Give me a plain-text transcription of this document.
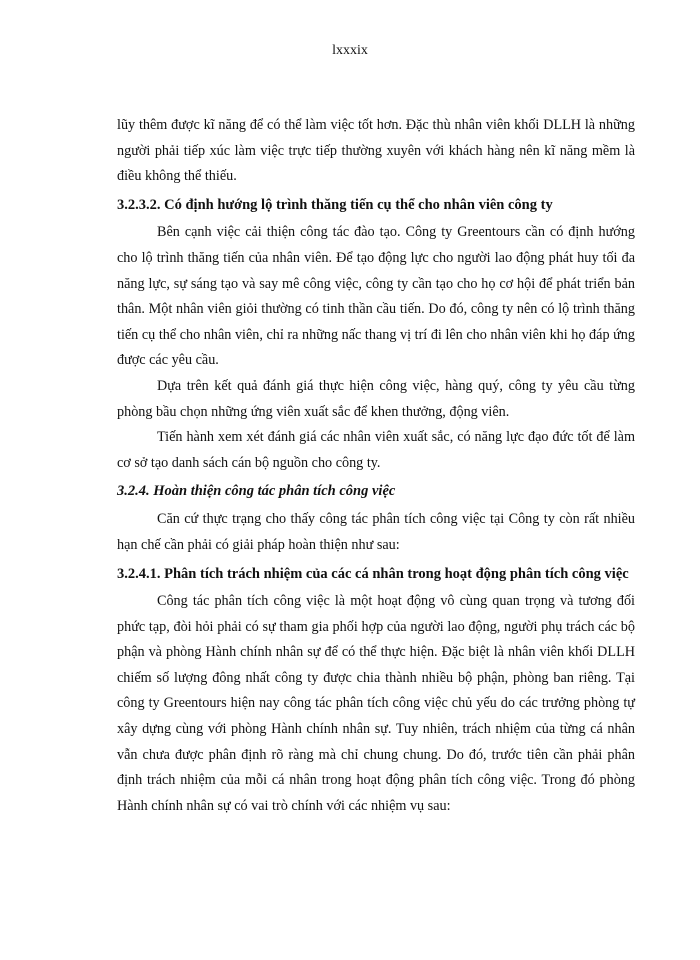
lxxxix

lũy thêm được kĩ năng để có thể làm việc tốt hơn. Đặc thù nhân viên khối DLLH là những người phải tiếp xúc làm việc trực tiếp thường xuyên với khách hàng nên kĩ năng mềm là điều không thể thiếu.

3.2.3.2. Có định hướng lộ trình thăng tiến cụ thể cho nhân viên công ty

Bên cạnh việc cải thiện công tác đào tạo. Công ty Greentours cần có định hướng cho lộ trình thăng tiến của nhân viên. Để tạo động lực cho người lao động phát huy tối đa năng lực, sự sáng tạo và say mê công việc, công ty cần tạo cho họ cơ hội để phát triển bản thân. Một nhân viên giỏi thường có tinh thần cầu tiến. Do đó, công ty nên có lộ trình thăng tiến cụ thể cho nhân viên, chỉ ra những nấc thang vị trí đi lên cho nhân viên khi họ đáp ứng được các yêu cầu.

Dựa trên kết quả đánh giá thực hiện công việc, hàng quý, công ty yêu cầu từng phòng bầu chọn những ứng viên xuất sắc để khen thưởng, động viên.

Tiến hành xem xét đánh giá các nhân viên xuất sắc, có năng lực đạo đức tốt để làm cơ sở tạo danh sách cán bộ nguồn cho công ty.

3.2.4. Hoàn thiện công tác phân tích công việc

Căn cứ thực trạng cho thấy công tác phân tích công việc tại Công ty còn rất nhiều hạn chế cần phải có giải pháp hoàn thiện như sau:

3.2.4.1. Phân tích trách nhiệm của các cá nhân trong hoạt động phân tích công việc

Công tác phân tích công việc là một hoạt động vô cùng quan trọng và tương đối phức tạp, đòi hỏi phải có sự tham gia phối hợp của người lao động, người phụ trách các bộ phận và phòng Hành chính nhân sự để có thể thực hiện. Đặc biệt là nhân viên khối DLLH chiếm số lượng đông nhất công ty được chia thành nhiều bộ phận, phòng ban riêng. Tại công ty Greentours hiện nay công tác phân tích công việc chủ yếu do các trưởng phòng tự xây dựng cùng với phòng Hành chính nhân sự. Tuy nhiên, trách nhiệm của từng cá nhân vẫn chưa được phân định rõ ràng mà chỉ chung chung. Do đó, trước tiên cần phải phân định trách nhiệm của mỗi cá nhân trong hoạt động phân tích công việc. Trong đó phòng Hành chính nhân sự có vai trò chính với các nhiệm vụ sau:
